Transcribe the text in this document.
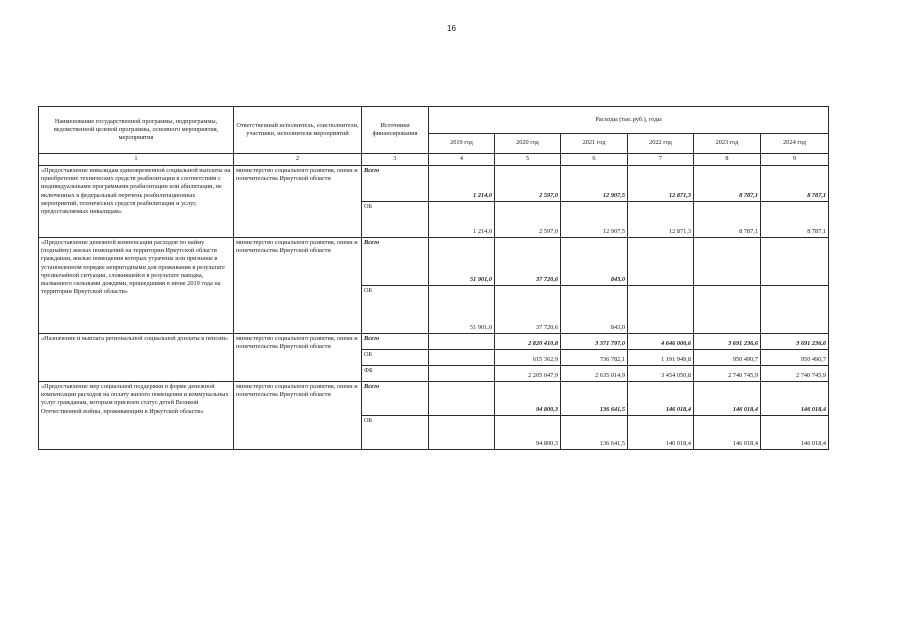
16
Наименование государственной программы, подпрограммы, ведомственной целевой программы, основного мероприятия, мероприятия	Ответственный исполнитель, соисполнители, участники, исполнители мероприятий	Источники финансирования	Расходы (тыс.руб.), годы					
			2019 год	2020 год	2021 год	2022 год	2023 год	2024 год
1	2	3	4	5	6	7	8	9
«Предоставление инвалидам единовременной социальной выплаты на приобретение технических средств реабилитации в соответствии с индивидуальными программами реабилитации или абилитации, не включенных в федеральный перечень реабилитационных мероприятий, технических средств реабилитации и услуг, предоставляемых инвалидам»	министерство социального развития, опеки и попечительства Иркутской области	Всего	1 214,0	2 597,0	12 907,5	12 871,3	8 787,1	8 787,1
		ОБ	1 214,0	2 597,0	12 907,5	12 871,3	8 787,1	8 787,1
«Предоставление денежной компенсации расходов по найму (поднайму) жилых помещений на территории Иркутской области гражданам, жилые помещения которых утрачены или признаны в установленном порядке непригодными для проживания в результате чрезвычайной ситуации, сложившейся в результате паводка, вызванного сильными дождями, прошедшими в июне 2019 года на территории Иркутской области»	министерство социального развития, опеки и попечительства Иркутской области	Всего	51 901,0	37 720,6	843,0			
		ОБ	51 901,0	37 720,6	843,0			
«Назначение и выплата региональной социальной доплаты к пенсии»	министерство социального развития, опеки и попечительства Иркутской области	Всего		2 820 410,8	3 371 797,0	4 646 000,6	3 691 236,6	3 691 236,6
		ОБ		615 362,9	736 782,1	1 191 949,8	950 490,7	950 490,7
		ФБ		2 205 047,9	2 635 014,9	3 454 050,8	2 740 745,9	2 740 745,9
«Предоставление мер социальной поддержки в форме денежной компенсации расходов на оплату жилого помещения и коммунальных услуг гражданам, которым присвоен статус детей Великой Отечественной войны, проживающим в Иркутской области»	министерство социального развития, опеки и попечительства Иркутской области	Всего		94 800,3	136 641,5	146 018,4	146 018,4	146 018,4
		ОБ		94 800,3	136 641,5	146 018,4	146 018,4	146 018,4
